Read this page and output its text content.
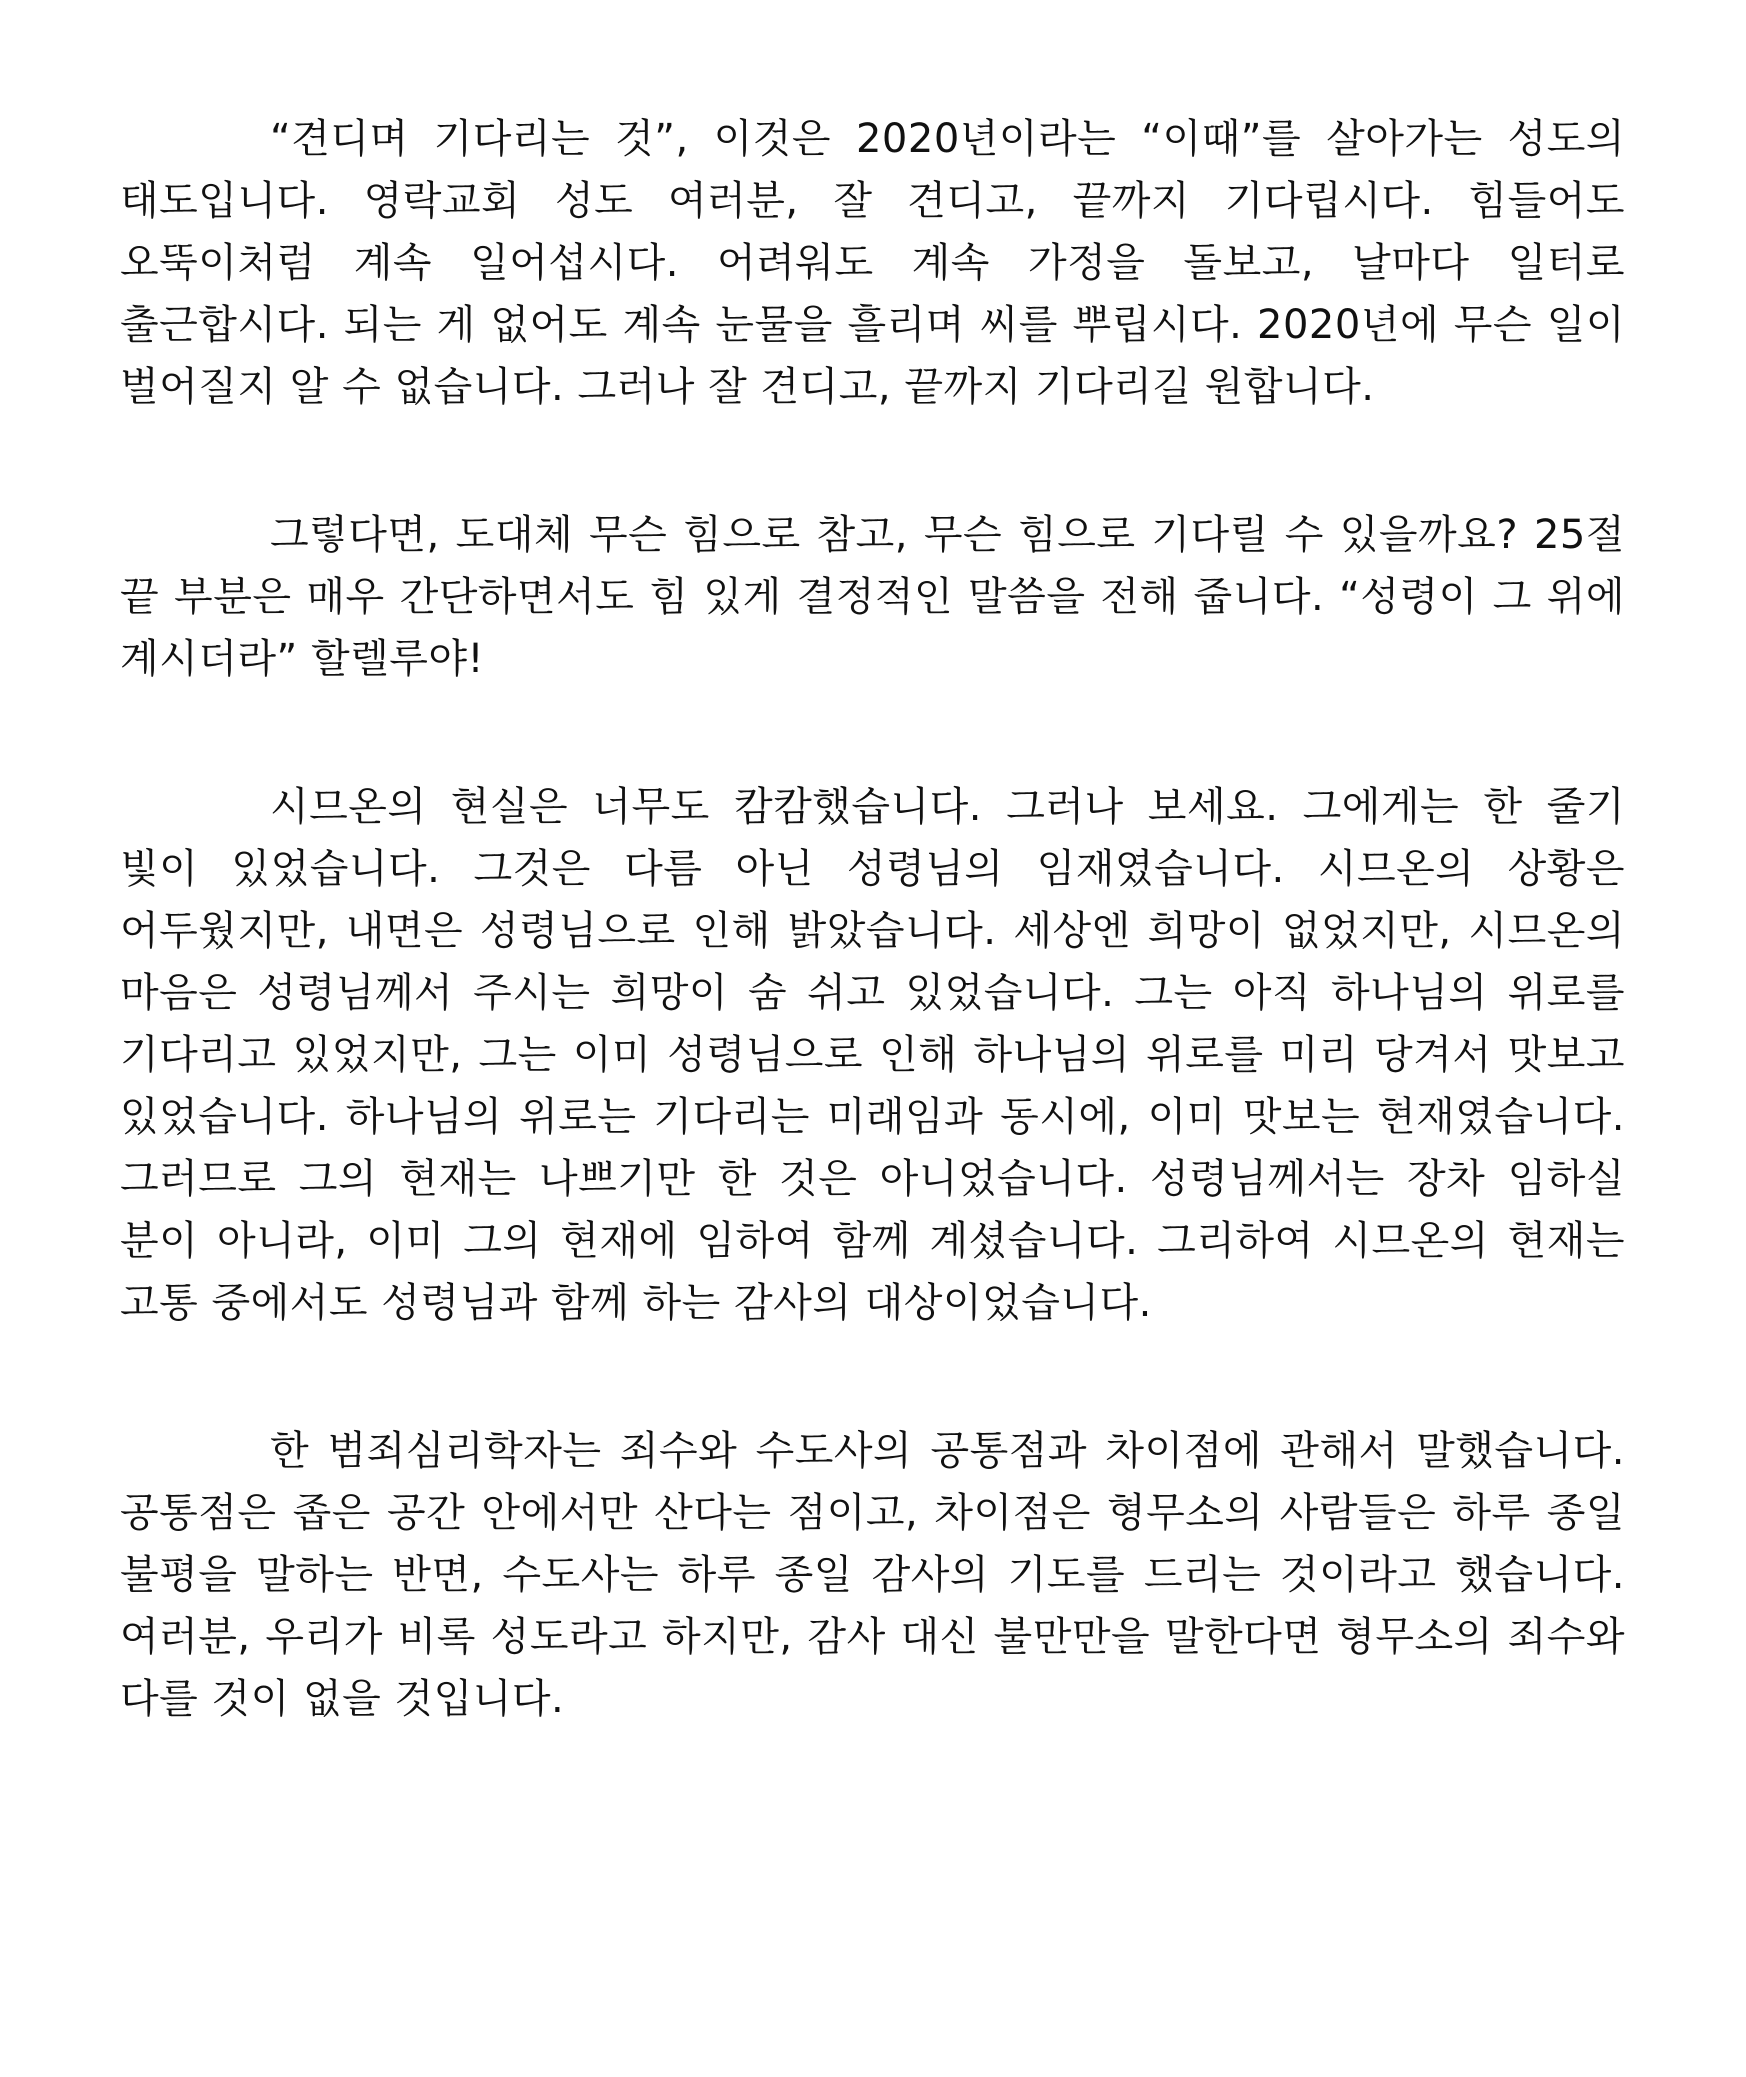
“견디며 기다리는 것”, 이것은 2020년이라는 “이때”를 살아가는 성도의 태도입니다. 영락교회 성도 여러분, 잘 견디고, 끝까지 기다립시다. 힘들어도 오뚝이처럼 계속 일어섭시다. 어려워도 계속 가정을 돌보고, 날마다 일터로 출근합시다. 되는 게 없어도 계속 눈물을 흘리며 씨를 뿌립시다. 2020년에 무슨 일이 벌어질지 알 수 없습니다. 그러나 잘 견디고, 끝까지 기다리길 원합니다.

그렇다면, 도대체 무슨 힘으로 참고, 무슨 힘으로 기다릴 수 있을까요? 25절 끝 부분은 매우 간단하면서도 힘 있게 결정적인 말씀을 전해 줍니다. “성령이 그 위에 계시더라” 할렐루야!

시므온의 현실은 너무도 캄캄했습니다. 그러나 보세요. 그에게는 한 줄기 빛이 있었습니다. 그것은 다름 아닌 성령님의 임재였습니다. 시므온의 상황은 어두웠지만, 내면은 성령님으로 인해 밝았습니다. 세상엔 희망이 없었지만, 시므온의 마음은 성령님께서 주시는 희망이 숨 쉬고 있었습니다. 그는 아직 하나님의 위로를 기다리고 있었지만, 그는 이미 성령님으로 인해 하나님의 위로를 미리 당겨서 맛보고 있었습니다. 하나님의 위로는 기다리는 미래임과 동시에, 이미 맛보는 현재였습니다. 그러므로 그의 현재는 나쁘기만 한 것은 아니었습니다. 성령님께서는 장차 임하실 분이 아니라, 이미 그의 현재에 임하여 함께 계셨습니다. 그리하여 시므온의 현재는 고통 중에서도 성령님과 함께 하는 감사의 대상이었습니다.

한 범죄심리학자는 죄수와 수도사의 공통점과 차이점에 관해서 말했습니다. 공통점은 좁은 공간 안에서만 산다는 점이고, 차이점은 형무소의 사람들은 하루 종일 불평을 말하는 반면, 수도사는 하루 종일 감사의 기도를 드리는 것이라고 했습니다. 여러분, 우리가 비록 성도라고 하지만, 감사 대신 불만만을 말한다면 형무소의 죄수와 다를 것이 없을 것입니다.
